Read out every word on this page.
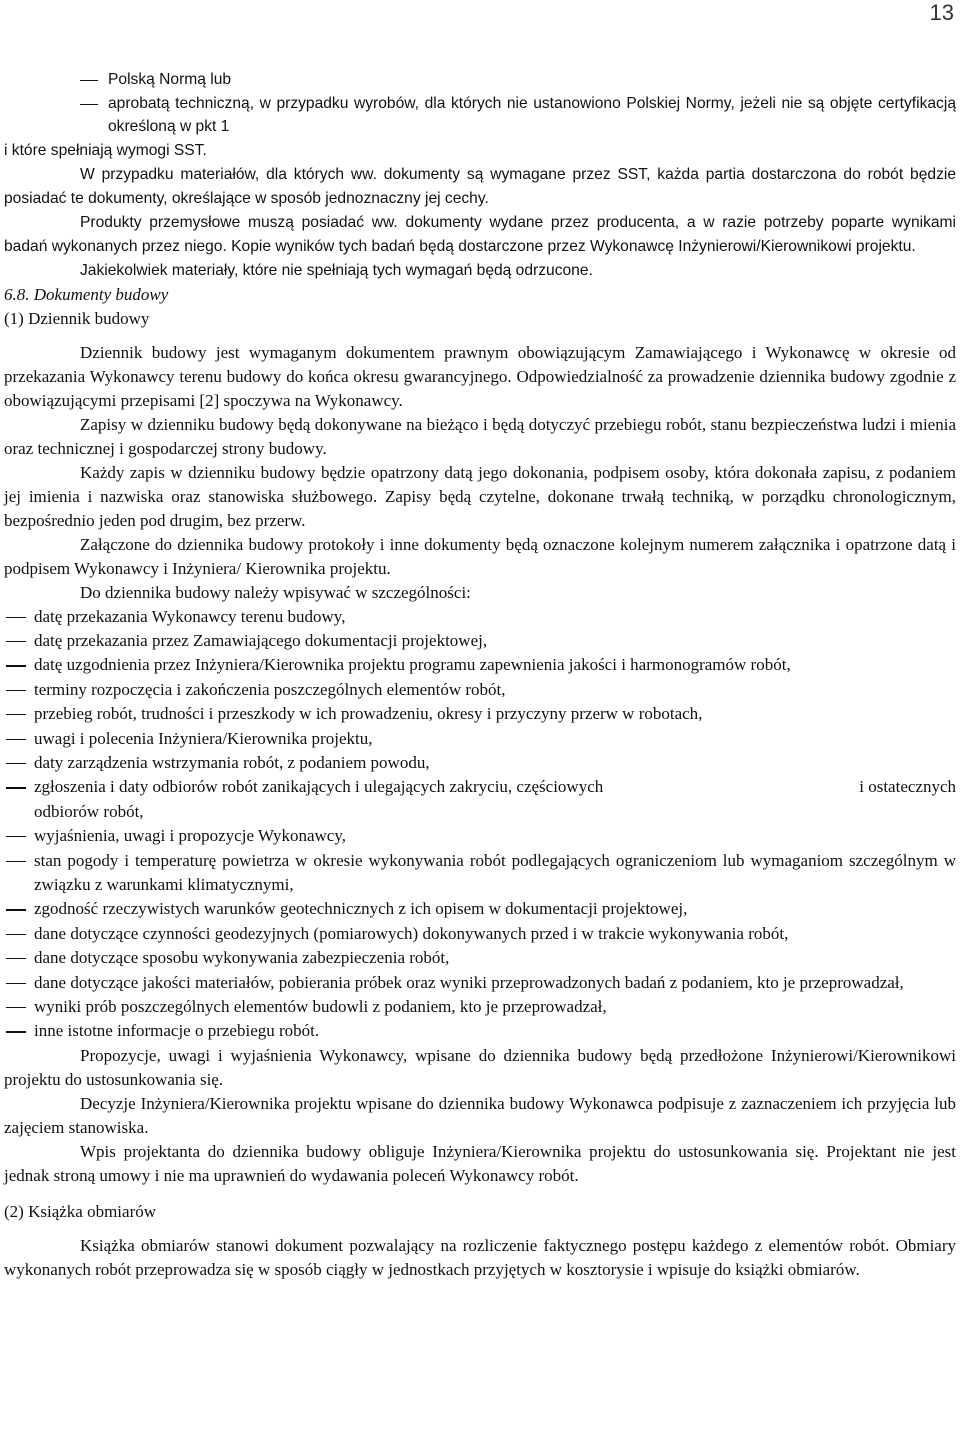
13
Polską Normą lub
aprobatą techniczną, w przypadku wyrobów, dla których nie ustanowiono Polskiej Normy, jeżeli nie są objęte certyfikacją określoną w pkt 1

i które spełniają wymogi SST.

W przypadku materiałów, dla których ww. dokumenty są wymagane przez SST, każda partia dostarczona do robót będzie posiadać te dokumenty, określające w sposób jednoznaczny jej cechy.

Produkty przemysłowe muszą posiadać ww. dokumenty wydane przez producenta, a w razie potrzeby poparte wynikami badań wykonanych przez niego. Kopie wyników tych badań będą dostarczone przez Wykonawcę Inżynierowi/Kierownikowi projektu.

Jakiekolwiek materiały, które nie spełniają tych wymagań będą odrzucone.

6.8. Dokumenty budowy

(1) Dziennik budowy

Dziennik budowy jest wymaganym dokumentem prawnym obowiązującym Zamawiającego i Wykonawcę w okresie od przekazania Wykonawcy terenu budowy do końca okresu gwarancyjnego. Odpowiedzialność za prowadzenie dziennika budowy zgodnie z obowiązującymi przepisami [2] spoczywa na Wykonawcy.

Zapisy w dzienniku budowy będą dokonywane na bieżąco i będą dotyczyć przebiegu robót, stanu bezpieczeństwa ludzi i mienia oraz technicznej i gospodarczej strony budowy.

Każdy zapis w dzienniku budowy będzie opatrzony datą jego dokonania, podpisem osoby, która dokonała zapisu, z podaniem jej imienia i nazwiska oraz stanowiska służbowego. Zapisy będą czytelne, dokonane trwałą techniką, w porządku chronologicznym, bezpośrednio jeden pod drugim, bez przerw.

Załączone do dziennika budowy protokoły i inne dokumenty będą oznaczone kolejnym numerem załącznika i opatrzone datą i podpisem Wykonawcy i Inżyniera/ Kierownika projektu.

Do dziennika budowy należy wpisywać w szczególności:

datę przekazania Wykonawcy terenu budowy,
datę przekazania przez Zamawiającego dokumentacji projektowej,
datę uzgodnienia przez Inżyniera/Kierownika projektu programu zapewnienia jakości i harmonogramów robót,
terminy rozpoczęcia i zakończenia poszczególnych elementów robót,
przebieg robót, trudności i przeszkody w ich prowadzeniu, okresy i przyczyny przerw w robotach,
uwagi i polecenia Inżyniera/Kierownika projektu,
daty zarządzenia wstrzymania robót, z podaniem powodu,
zgłoszenia i daty odbiorów robót zanikających i ulegających zakryciu, częściowych	i ostatecznych
odbiorów robót,
wyjaśnienia, uwagi i propozycje Wykonawcy,
stan pogody i temperaturę powietrza w okresie wykonywania robót podlegających ograniczeniom lub wymaganiom szczególnym w związku z warunkami klimatycznymi,
zgodność rzeczywistych warunków geotechnicznych z ich opisem w dokumentacji projektowej,
dane dotyczące czynności geodezyjnych (pomiarowych) dokonywanych przed i w trakcie wykonywania robót,
dane dotyczące sposobu wykonywania zabezpieczenia robót,
dane dotyczące jakości materiałów, pobierania próbek oraz wyniki przeprowadzonych badań z podaniem, kto je przeprowadzał,
wyniki prób poszczególnych elementów budowli z podaniem, kto je przeprowadzał,
inne istotne informacje o przebiegu robót.

Propozycje, uwagi i wyjaśnienia Wykonawcy, wpisane do dziennika budowy będą przedłożone Inżynierowi/Kierownikowi projektu do ustosunkowania się.

Decyzje Inżyniera/Kierownika projektu wpisane do dziennika budowy Wykonawca podpisuje z zaznaczeniem ich przyjęcia lub zajęciem stanowiska.

Wpis projektanta do dziennika budowy obliguje Inżyniera/Kierownika projektu do ustosunkowania się. Projektant nie jest jednak stroną umowy i nie ma uprawnień do wydawania poleceń Wykonawcy robót.

(2) Książka obmiarów

Książka obmiarów stanowi dokument pozwalający na rozliczenie faktycznego postępu każdego z elementów robót. Obmiary wykonanych robót przeprowadza się w sposób ciągły w jednostkach przyjętych w kosztorysie i wpisuje do książki obmiarów.
